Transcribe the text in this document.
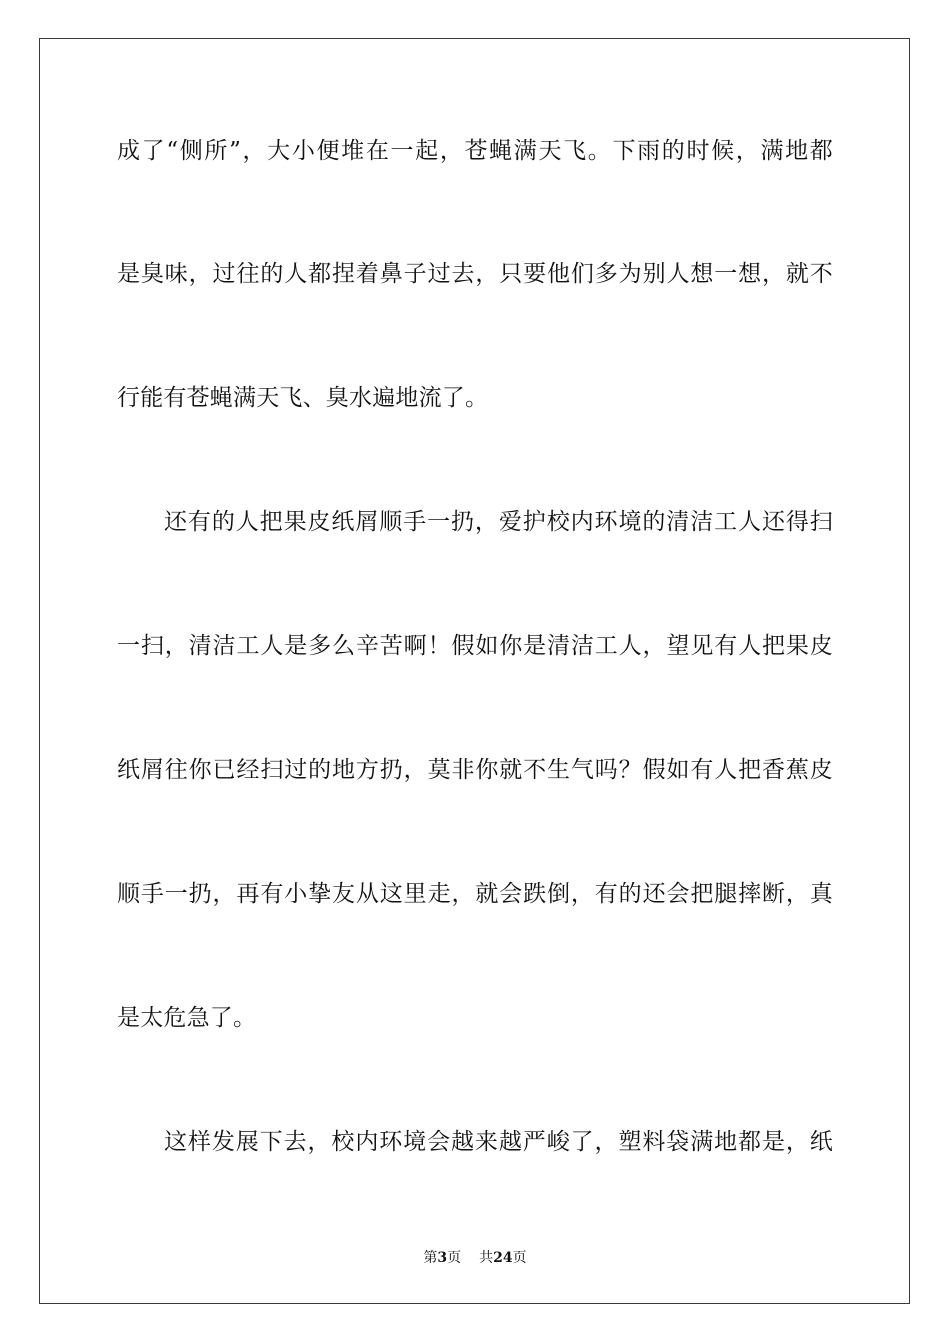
成了“侧所”，大小便堆在一起，苍蝇满天飞。下雨的时候，满地都
是臭味，过往的人都捏着鼻子过去，只要他们多为别人想一想，就不
行能有苍蝇满天飞、臭水遍地流了。
还有的人把果皮纸屑顺手一扔，爱护校内环境的清洁工人还得扫
一扫，清洁工人是多么辛苦啊！假如你是清洁工人，望见有人把果皮
纸屑往你已经扫过的地方扔，莫非你就不生气吗？假如有人把香蕉皮
顺手一扔，再有小挚友从这里走，就会跌倒，有的还会把腿摔断，真
是太危急了。
这样发展下去，校内环境会越来越严峻了，塑料袋满地都是，纸
第3页 共24页
